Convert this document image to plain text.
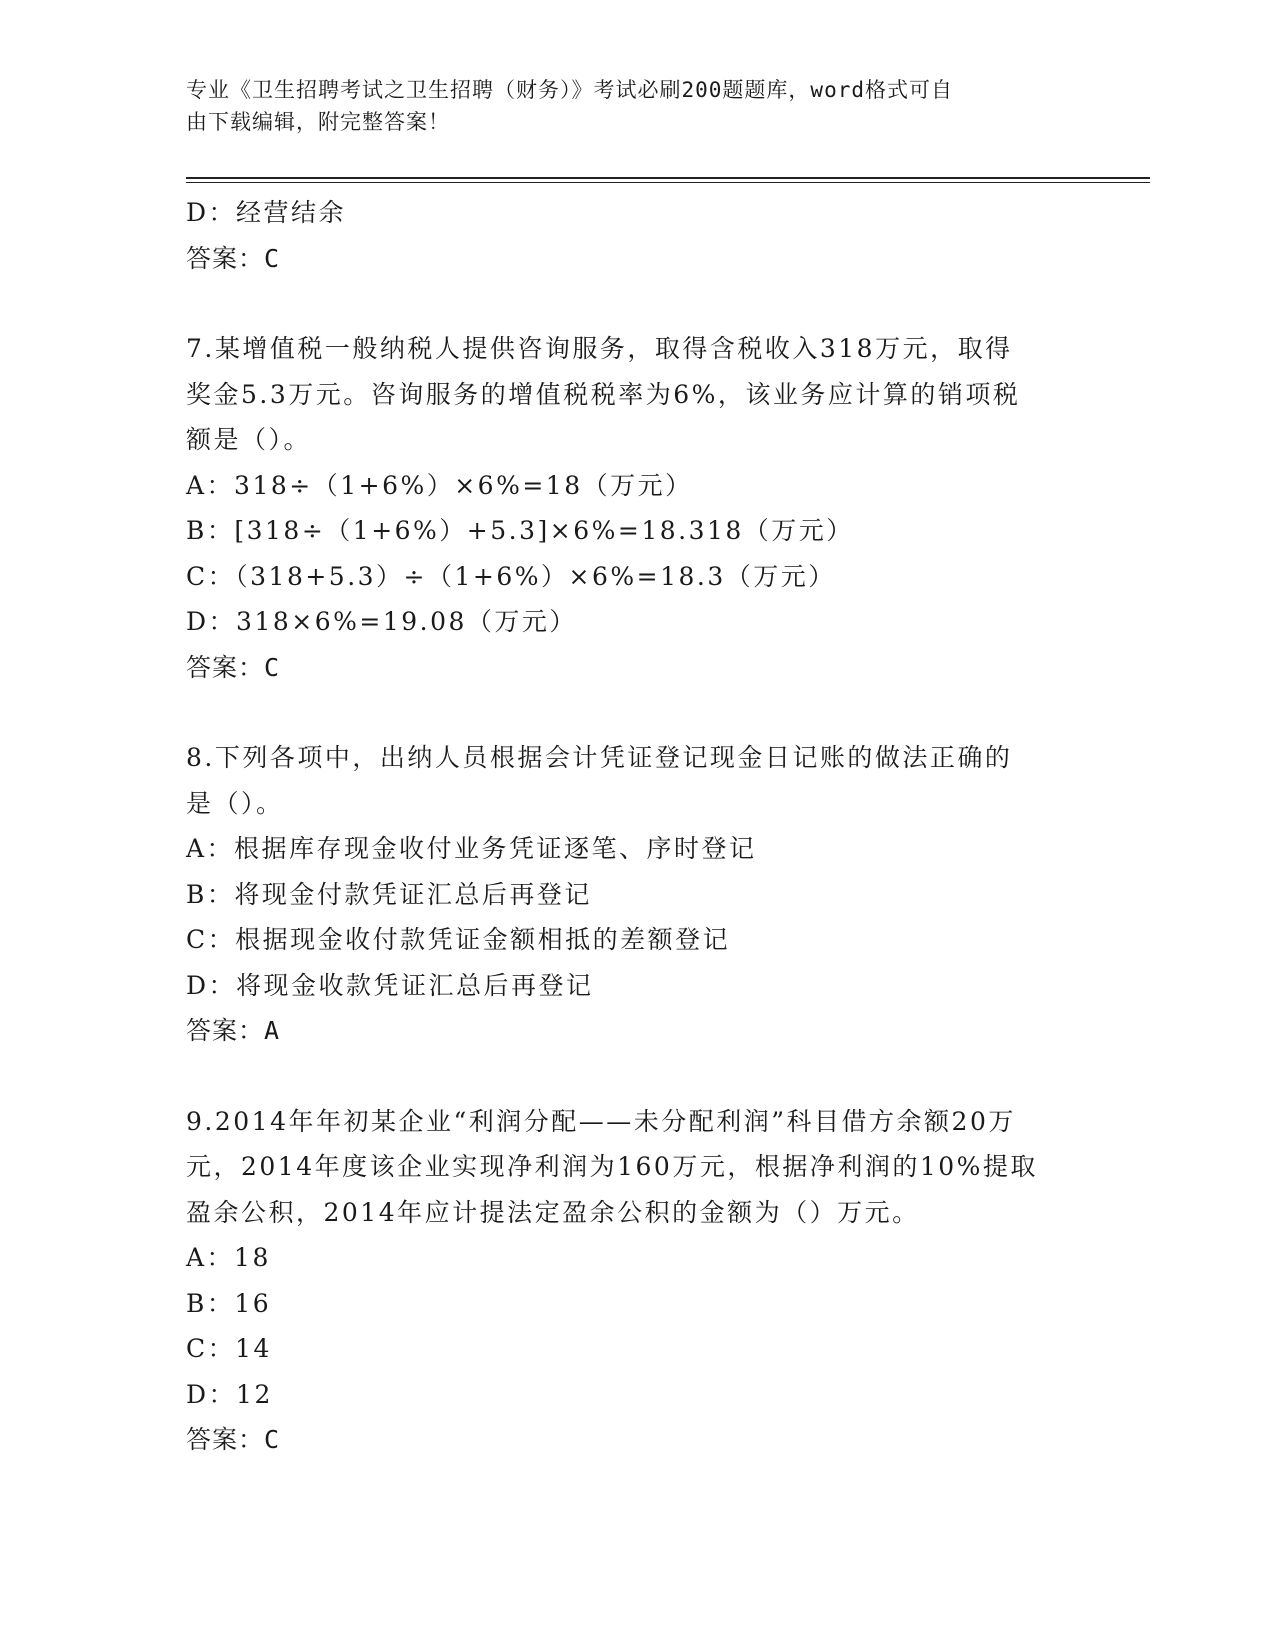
专业《卫生招聘考试之卫生招聘（财务）》考试必刷200题题库，word格式可自
由下载编辑，附完整答案！
D：经营结余
答案：C
7.某增值税一般纳税人提供咨询服务，取得含税收入318万元，取得
奖金5.3万元。咨询服务的增值税税率为6%，该业务应计算的销项税
额是（）。
A：318÷（1+6%）×6%=18（万元）
B：[318÷（1+6%）+5.3]×6%=18.318（万元）
C：（318+5.3）÷（1+6%）×6%=18.3（万元）
D：318×6%=19.08（万元）
答案：C
8.下列各项中，出纳人员根据会计凭证登记现金日记账的做法正确的
是（）。
A：根据库存现金收付业务凭证逐笔、序时登记
B：将现金付款凭证汇总后再登记
C：根据现金收付款凭证金额相抵的差额登记
D：将现金收款凭证汇总后再登记
答案：A
9.2014年年初某企业“利润分配——未分配利润”科目借方余额20万
元，2014年度该企业实现净利润为160万元，根据净利润的10%提取
盈余公积，2014年应计提法定盈余公积的金额为（）万元。
A：18
B：16
C：14
D：12
答案：C
